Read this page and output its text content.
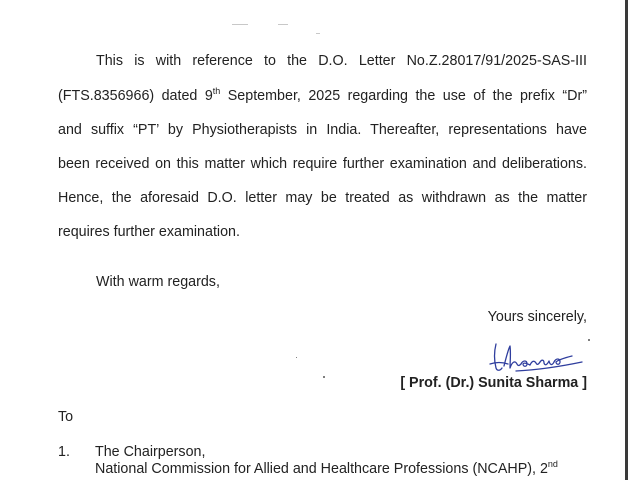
This is with reference to the D.O. Letter No.Z.28017/91/2025-SAS-III
(FTS.8356966) dated 9th September, 2025 regarding the use of the prefix “Dr”
and suffix “PT’ by Physiotherapists in India. Thereafter, representations have
been received on this matter which require further examination and deliberations.
Hence, the aforesaid D.O. letter may be treated as withdrawn as the matter
requires further examination.
With warm regards,
Yours sincerely,
[ Prof. (Dr.) Sunita Sharma ]
To
1. The Chairperson,
National Commission for Allied and Healthcare Professions (NCAHP), 2nd
